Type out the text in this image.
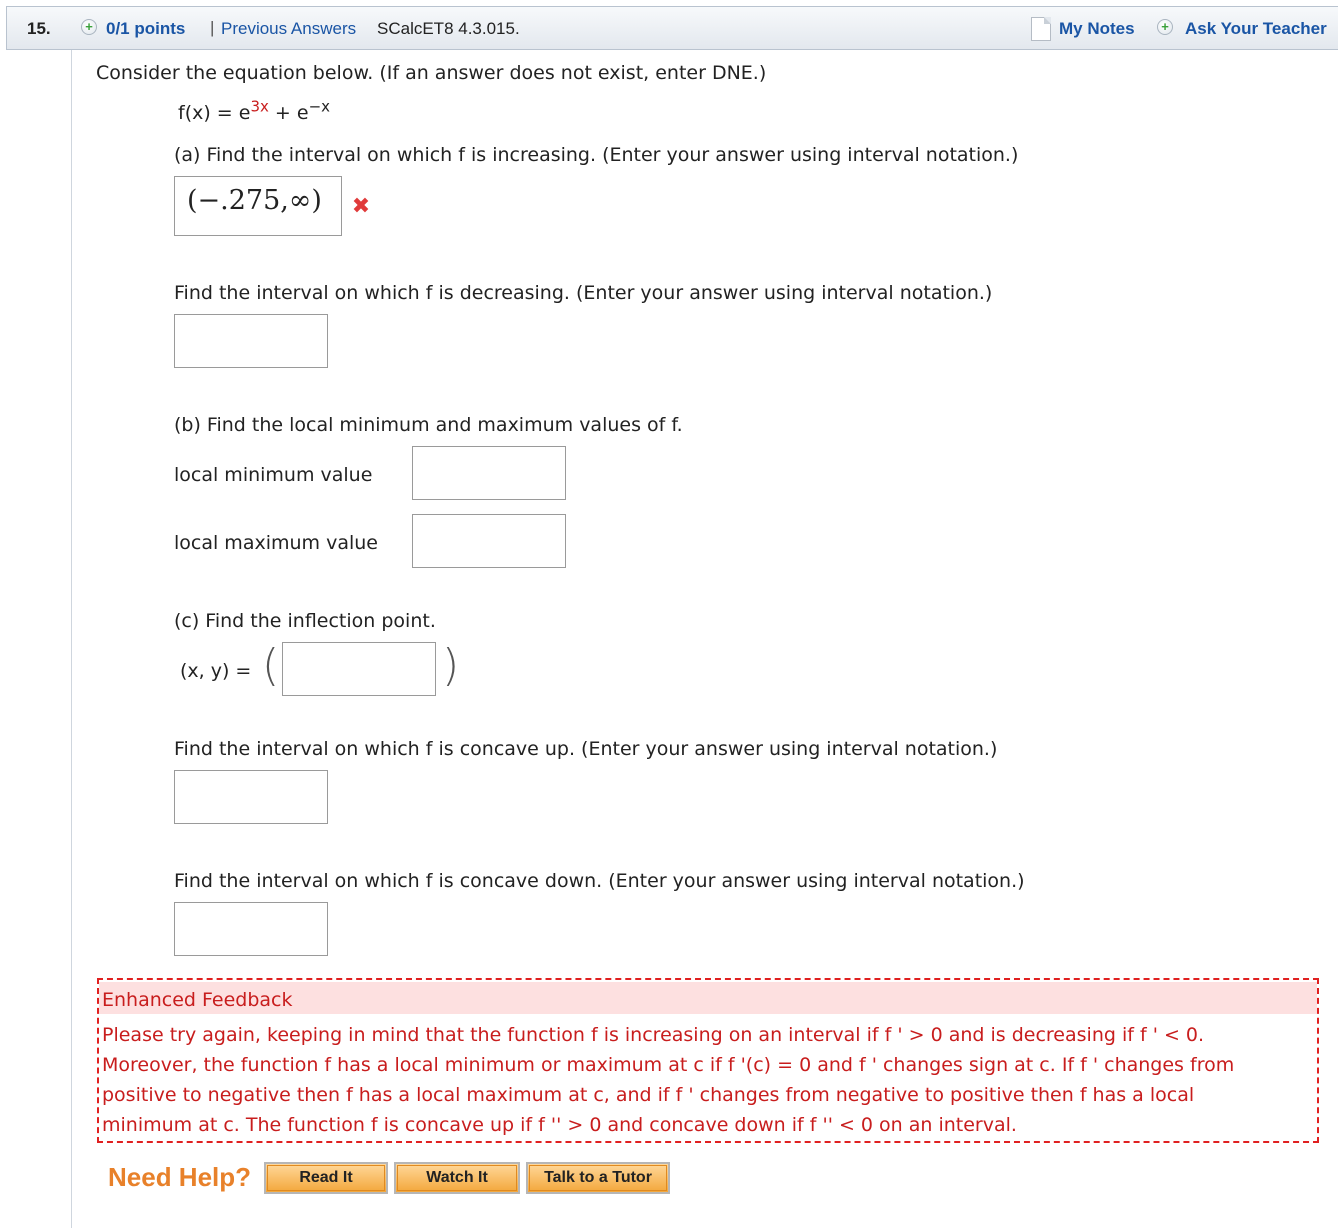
15.	+ 0/1 points | Previous Answers SCalcET8 4.3.015.	My Notes	+ Ask Your Teacher
Consider the equation below. (If an answer does not exist, enter DNE.)
$f(x) = e^{3x} + e^{-x}$
(a) Find the interval on which f is increasing. (Enter your answer using interval notation.)
(−.275,∞)	✖
Find the interval on which f is decreasing. (Enter your answer using interval notation.)
(b) Find the local minimum and maximum values of f.
local minimum value
local maximum value
(c) Find the inflection point.
(x, y) = (	)
Find the interval on which f is concave up. (Enter your answer using interval notation.)
Find the interval on which f is concave down. (Enter your answer using interval notation.)
Enhanced Feedback
Please try again, keeping in mind that the function f is increasing on an interval if f ' > 0 and is decreasing if f ' < 0.
Moreover, the function f has a local minimum or maximum at c if f '(c) = 0 and f ' changes sign at c. If f ' changes from
positive to negative then f has a local maximum at c, and if f ' changes from negative to positive then f has a local
minimum at c. The function f is concave up if f '' > 0 and concave down if f '' < 0 on an interval.
Need Help?	Read It	Watch It	Talk to a Tutor
